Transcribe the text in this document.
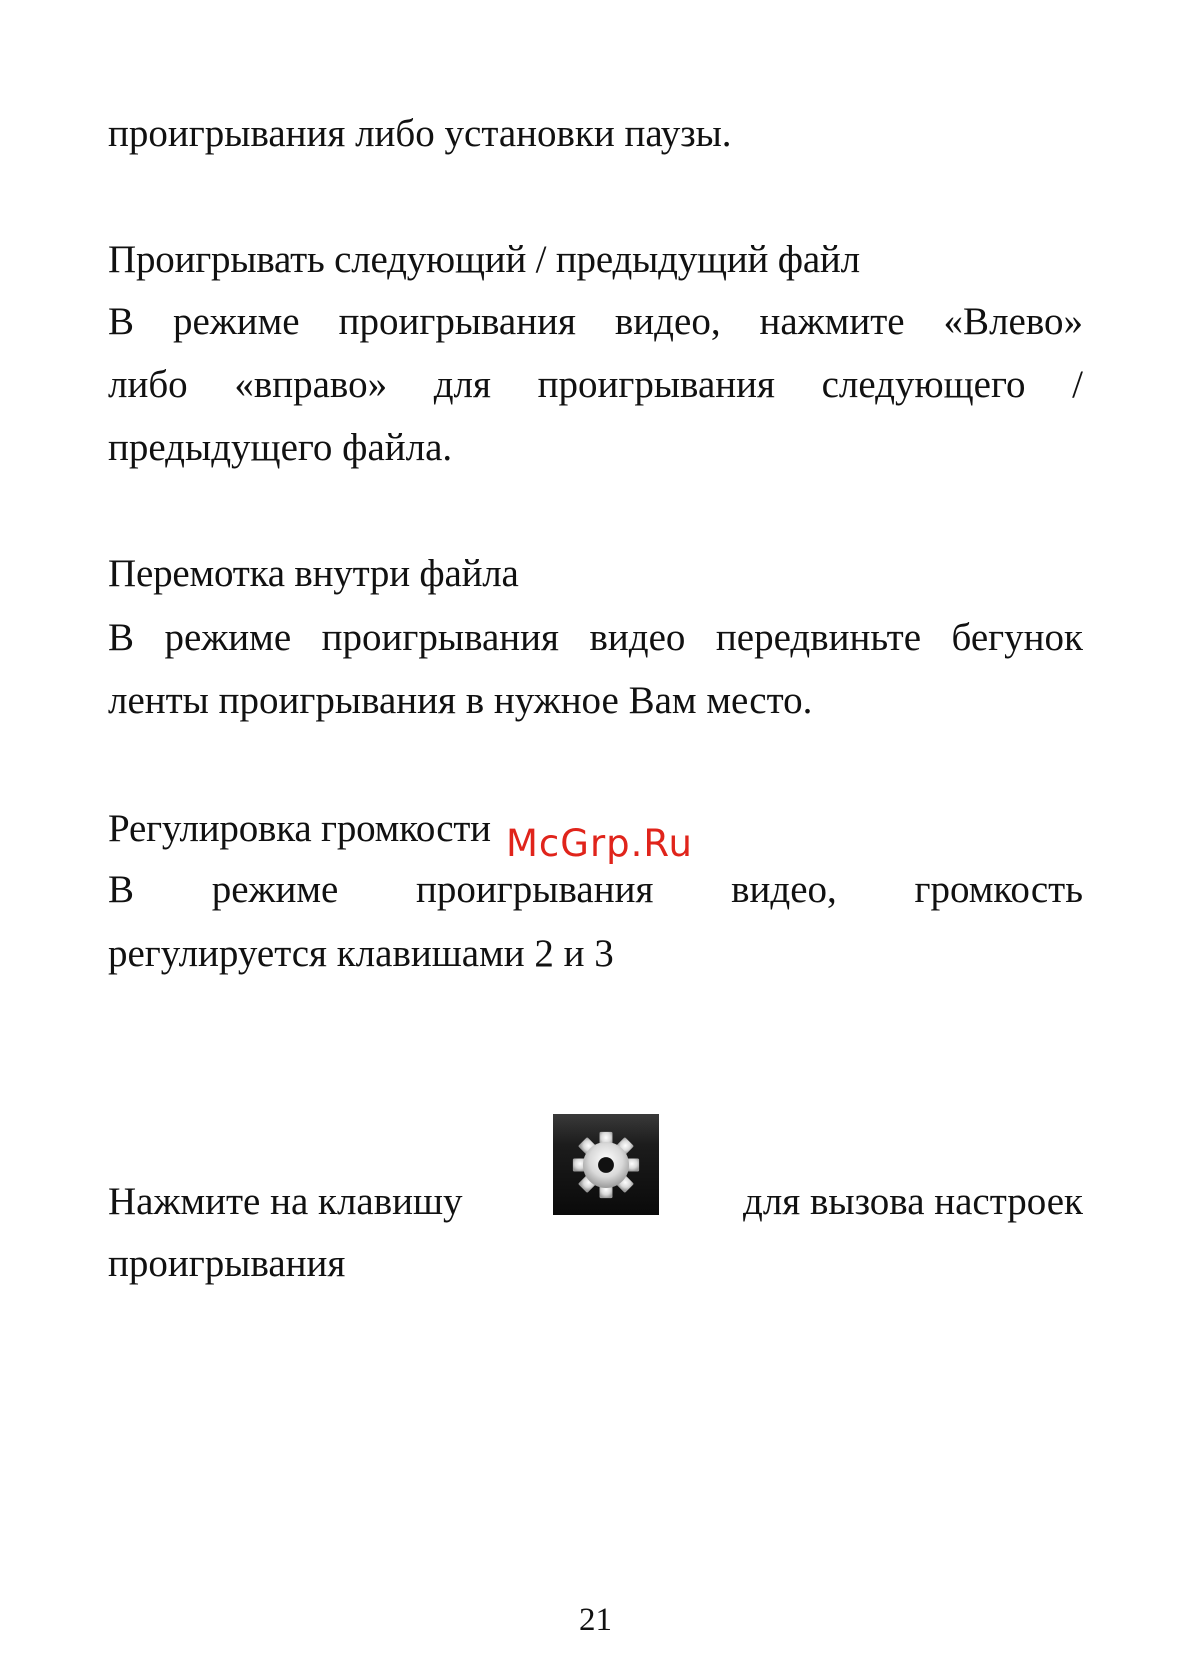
проигрывания либо установки паузы.
Проигрывать следующий / предыдущий файл
В режиме проигрывания видео, нажмите «Влево»
либо «вправо» для проигрывания следующего /
предыдущего файла.
Перемотка внутри файла
В режиме проигрывания видео передвиньте бегунок
ленты проигрывания в нужное Вам место.
Регулировка громкости
В режиме проигрывания видео, громкость
регулируется клавишами 2 и 3
McGrp.Ru
Нажмите на клавишу	для вызова настроек
проигрывания
21
